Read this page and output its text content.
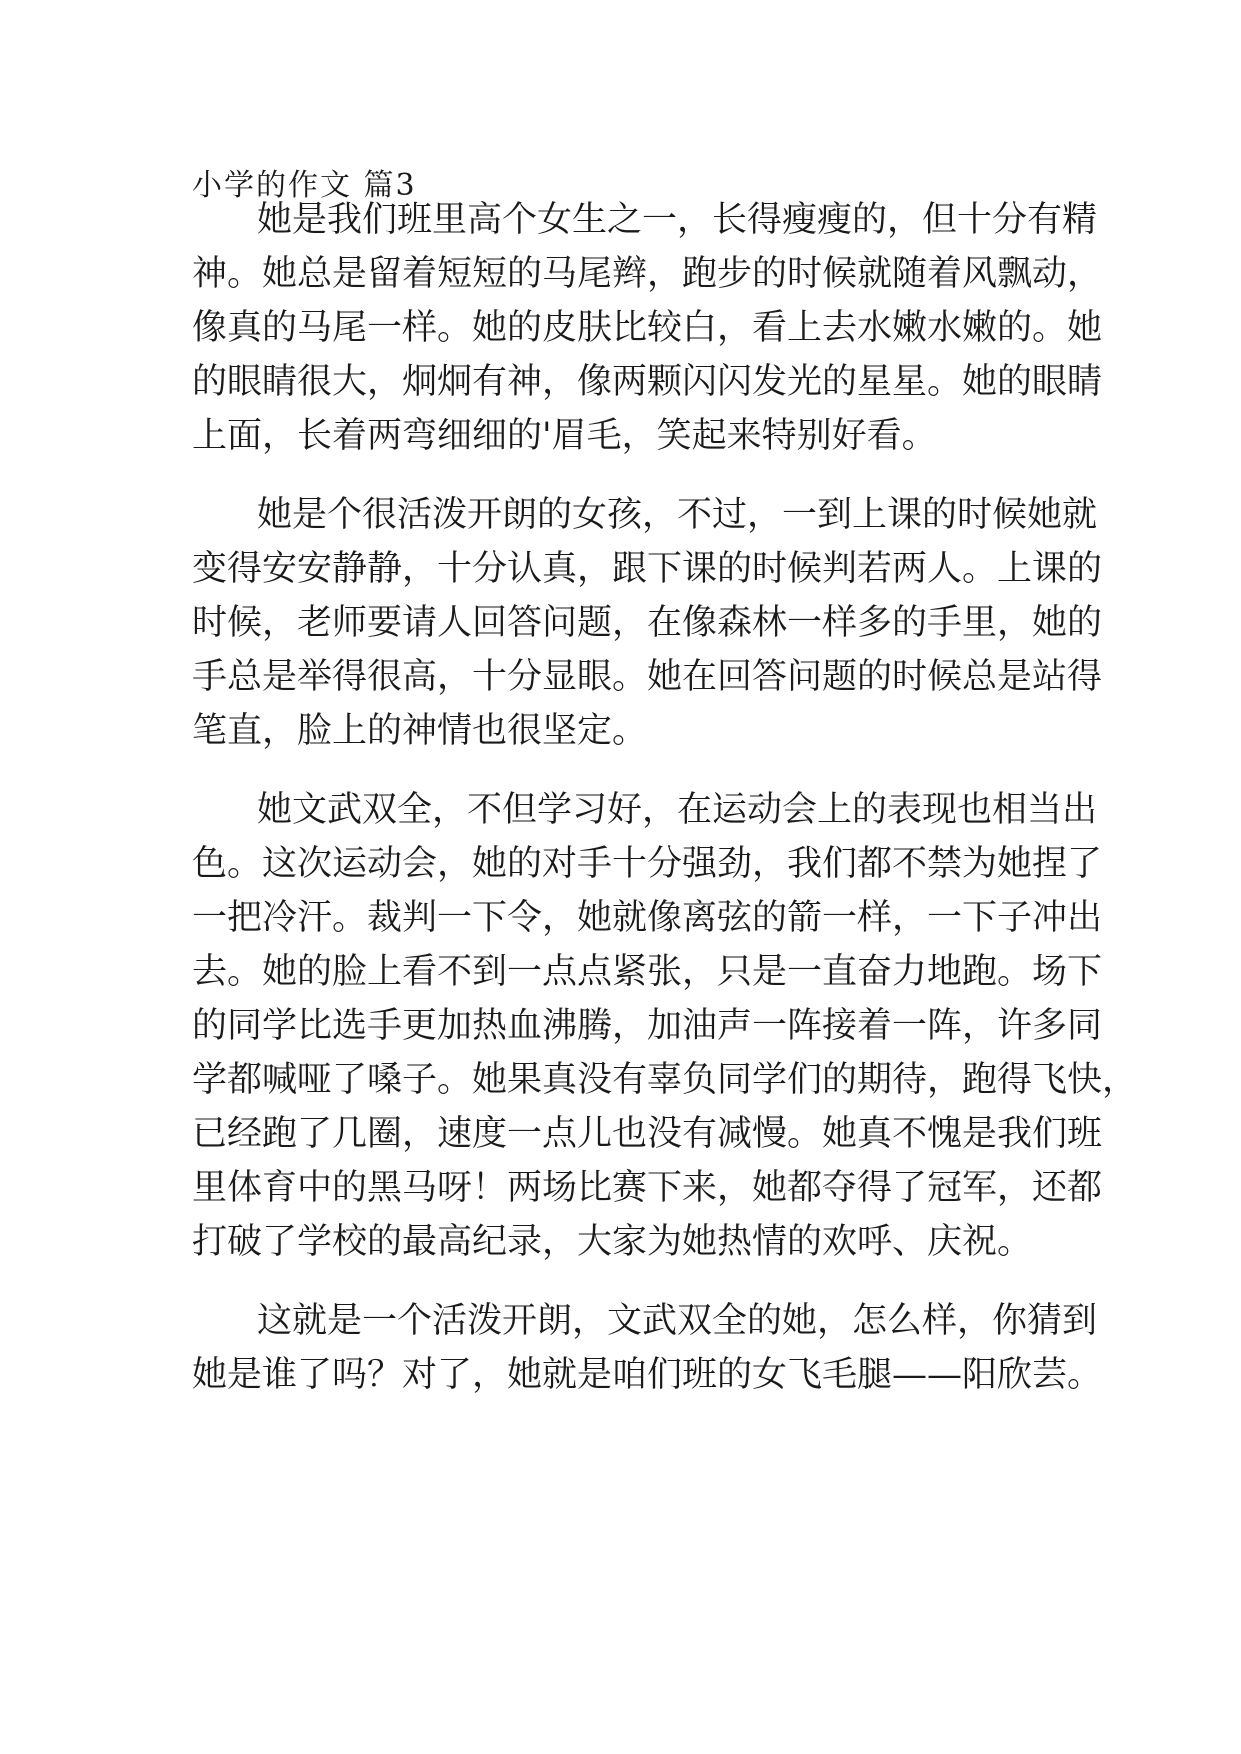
小学的作文 篇3
她是我们班里高个女生之一，长得瘦瘦的，但十分有精
神。她总是留着短短的马尾辫，跑步的时候就随着风飘动，
像真的马尾一样。她的皮肤比较白，看上去水嫩水嫩的。她
的眼睛很大，炯炯有神，像两颗闪闪发光的星星。她的眼睛
上面，长着两弯细细的'眉毛，笑起来特别好看。
她是个很活泼开朗的女孩，不过，一到上课的时候她就
变得安安静静，十分认真，跟下课的时候判若两人。上课的
时候，老师要请人回答问题，在像森林一样多的手里，她的
手总是举得很高，十分显眼。她在回答问题的时候总是站得
笔直，脸上的神情也很坚定。
她文武双全，不但学习好，在运动会上的表现也相当出
色。这次运动会，她的对手十分强劲，我们都不禁为她捏了
一把冷汗。裁判一下令，她就像离弦的箭一样，一下子冲出
去。她的脸上看不到一点点紧张，只是一直奋力地跑。场下
的同学比选手更加热血沸腾，加油声一阵接着一阵，许多同
学都喊哑了嗓子。她果真没有辜负同学们的期待，跑得飞快，
已经跑了几圈，速度一点儿也没有减慢。她真不愧是我们班
里体育中的黑马呀！两场比赛下来，她都夺得了冠军，还都
打破了学校的最高纪录，大家为她热情的欢呼、庆祝。
这就是一个活泼开朗，文武双全的她，怎么样，你猜到
她是谁了吗？对了，她就是咱们班的女飞毛腿——阳欣芸。
